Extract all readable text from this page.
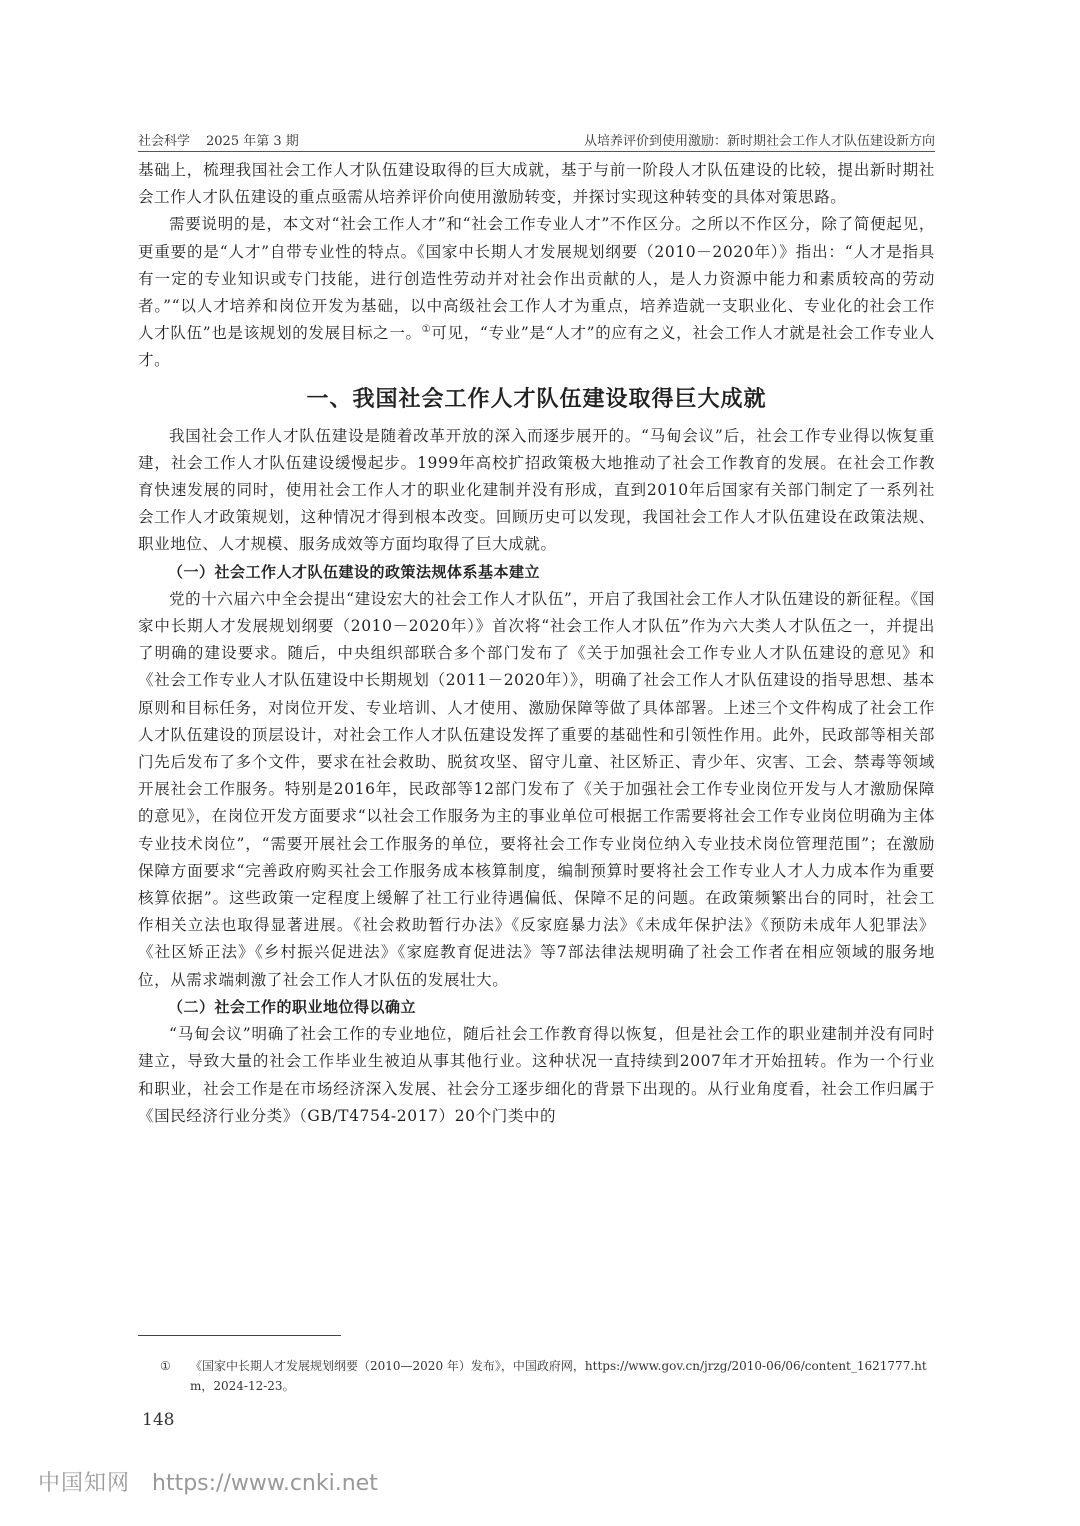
社会科学 2025 年第 3 期	从培养评价到使用激励：新时期社会工作人才队伍建设新方向

基础上，梳理我国社会工作人才队伍建设取得的巨大成就，基于与前一阶段人才队伍建设的比较，提出新时期社会工作人才队伍建设的重点亟需从培养评价向使用激励转变，并探讨实现这种转变的具体对策思路。

需要说明的是，本文对“社会工作人才”和“社会工作专业人才”不作区分。之所以不作区分，除了简便起见，更重要的是“人才”自带专业性的特点。《国家中长期人才发展规划纲要（2010－2020年）》指出：“人才是指具有一定的专业知识或专门技能，进行创造性劳动并对社会作出贡献的人，是人力资源中能力和素质较高的劳动者。”“以人才培养和岗位开发为基础，以中高级社会工作人才为重点，培养造就一支职业化、专业化的社会工作人才队伍”也是该规划的发展目标之一。①可见，“专业”是“人才”的应有之义，社会工作人才就是社会工作专业人才。

一、我国社会工作人才队伍建设取得巨大成就

我国社会工作人才队伍建设是随着改革开放的深入而逐步展开的。“马甸会议”后，社会工作专业得以恢复重建，社会工作人才队伍建设缓慢起步。1999年高校扩招政策极大地推动了社会工作教育的发展。在社会工作教育快速发展的同时，使用社会工作人才的职业化建制并没有形成，直到2010年后国家有关部门制定了一系列社会工作人才政策规划，这种情况才得到根本改变。回顾历史可以发现，我国社会工作人才队伍建设在政策法规、职业地位、人才规模、服务成效等方面均取得了巨大成就。

（一）社会工作人才队伍建设的政策法规体系基本建立

党的十六届六中全会提出“建设宏大的社会工作人才队伍”，开启了我国社会工作人才队伍建设的新征程。《国家中长期人才发展规划纲要（2010－2020年）》首次将“社会工作人才队伍”作为六大类人才队伍之一，并提出了明确的建设要求。随后，中央组织部联合多个部门发布了《关于加强社会工作专业人才队伍建设的意见》和《社会工作专业人才队伍建设中长期规划（2011－2020年）》，明确了社会工作人才队伍建设的指导思想、基本原则和目标任务，对岗位开发、专业培训、人才使用、激励保障等做了具体部署。上述三个文件构成了社会工作人才队伍建设的顶层设计，对社会工作人才队伍建设发挥了重要的基础性和引领性作用。此外，民政部等相关部门先后发布了多个文件，要求在社会救助、脱贫攻坚、留守儿童、社区矫正、青少年、灾害、工会、禁毒等领域开展社会工作服务。特别是2016年，民政部等12部门发布了《关于加强社会工作专业岗位开发与人才激励保障的意见》，在岗位开发方面要求“以社会工作服务为主的事业单位可根据工作需要将社会工作专业岗位明确为主体专业技术岗位”，“需要开展社会工作服务的单位，要将社会工作专业岗位纳入专业技术岗位管理范围”；在激励保障方面要求“完善政府购买社会工作服务成本核算制度，编制预算时要将社会工作专业人才人力成本作为重要核算依据”。这些政策一定程度上缓解了社工行业待遇偏低、保障不足的问题。在政策频繁出台的同时，社会工作相关立法也取得显著进展。《社会救助暂行办法》《反家庭暴力法》《未成年保护法》《预防未成年人犯罪法》《社区矫正法》《乡村振兴促进法》《家庭教育促进法》等7部法律法规明确了社会工作者在相应领域的服务地位，从需求端刺激了社会工作人才队伍的发展壮大。

（二）社会工作的职业地位得以确立

“马甸会议”明确了社会工作的专业地位，随后社会工作教育得以恢复，但是社会工作的职业建制并没有同时建立，导致大量的社会工作毕业生被迫从事其他行业。这种状况一直持续到2007年才开始扭转。作为一个行业和职业，社会工作是在市场经济深入发展、社会分工逐步细化的背景下出现的。从行业角度看，社会工作归属于《国民经济行业分类》（GB/T4754-2017）20个门类中的

① 《国家中长期人才发展规划纲要（2010—2020 年）发布》，中国政府网，https://www.gov.cn/jrzg/2010-06/06/content_1621777.htm，2024-12-23。
148
中国知网 https://www.cnki.net
